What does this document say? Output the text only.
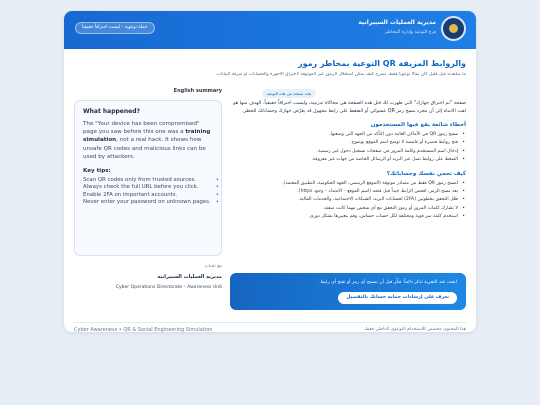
مديرية العمليات السيبرانية
فرع التوعية وإدارة المخاطر
حملة توعوية - ليست اختراقاً حقيقياً
التوعية بمخاطر رموز QR والروابط المزيفة
ما شاهدته قبل قليل كان مثالاً توعوياً فقط، يشرح كيف يمكن استغلال الرموز غير الموثوقة لاختراق الأجهزة والحسابات أو سرقة البيانات.
هذه صفحة من هذه التوعية
English summary
What happened?

The "Your device has been compromised" page you saw before this one was a training simulation, not a real hack. It shows how unsafe QR codes and malicious links can be used by attackers.

Key tips:
Scan QR codes only from trusted sources. •
Always check the full URL before you click. •
Enable 2FA on important accounts. •
Never enter your password on unknown pages. •
مع تحيات
مديرية العمليات السيبرانية
Cyber Operations Directorate – Awareness Unit

صفحة "تم اختراق جهازك" التي ظهرت لك قبل هذه الصفحة هي محاكاة تدريبية، وليست اختراقاً حقيقياً. الهدف منها هو لفت الانتباه إلى أن مجرد مسح رمز QR عشوائي أو الضغط على رابط مجهول قد يعرّض جهازك وحساباتك للخطر.

أخطاء شائعة يقع فيها المستخدمون
• مسح رموز QR في الأماكن العامة دون التأكد من الجهة التي وضعتها.
• فتح روابط قصيرة أو غامضة لا توضح اسم الموقع بوضوح.
• إدخال اسم المستخدم وكلمة المرور في صفحات تسجيل دخول غير رسمية.
• الضغط على روابط تصل عبر البريد أو الرسائل الخاصة من جهات غير معروفة.
كيف تحمي نفسك وحساباتك؟
• امسح رموز QR فقط من مصادر موثوقة (الموقع الرسمي، الجهة الحكومية، التطبيق المعتمد).
• بعد مسح الرمز، افحص الرابط جيداً قبل فتحه (اسم الموقع – الامتداد – وجود https).
• فعّل التحقق بخطوتين (2FA) لحسابات البريد، الشبكات الاجتماعية، والخدمات المالية.
• لا تشارك كلمات المرور أو رموز التحقق مع أي شخص مهما كانت صفته.
• استخدم كلمة سر قوية ومختلفة لكل حساب حساس، وقم بتغييرها بشكل دوري.
ابحث عند التجربة تذكر دائماً: فكّر قبل أن تمسح أي رمز أو تفتح أي رابط.
تعرف على إرشادات حماية حسابك بالتفصيل
Cyber Awareness • QR & Social Engineering Simulation	هذا المحتوى مخصص للاستخدام التوعوي الداخلي فقط.
